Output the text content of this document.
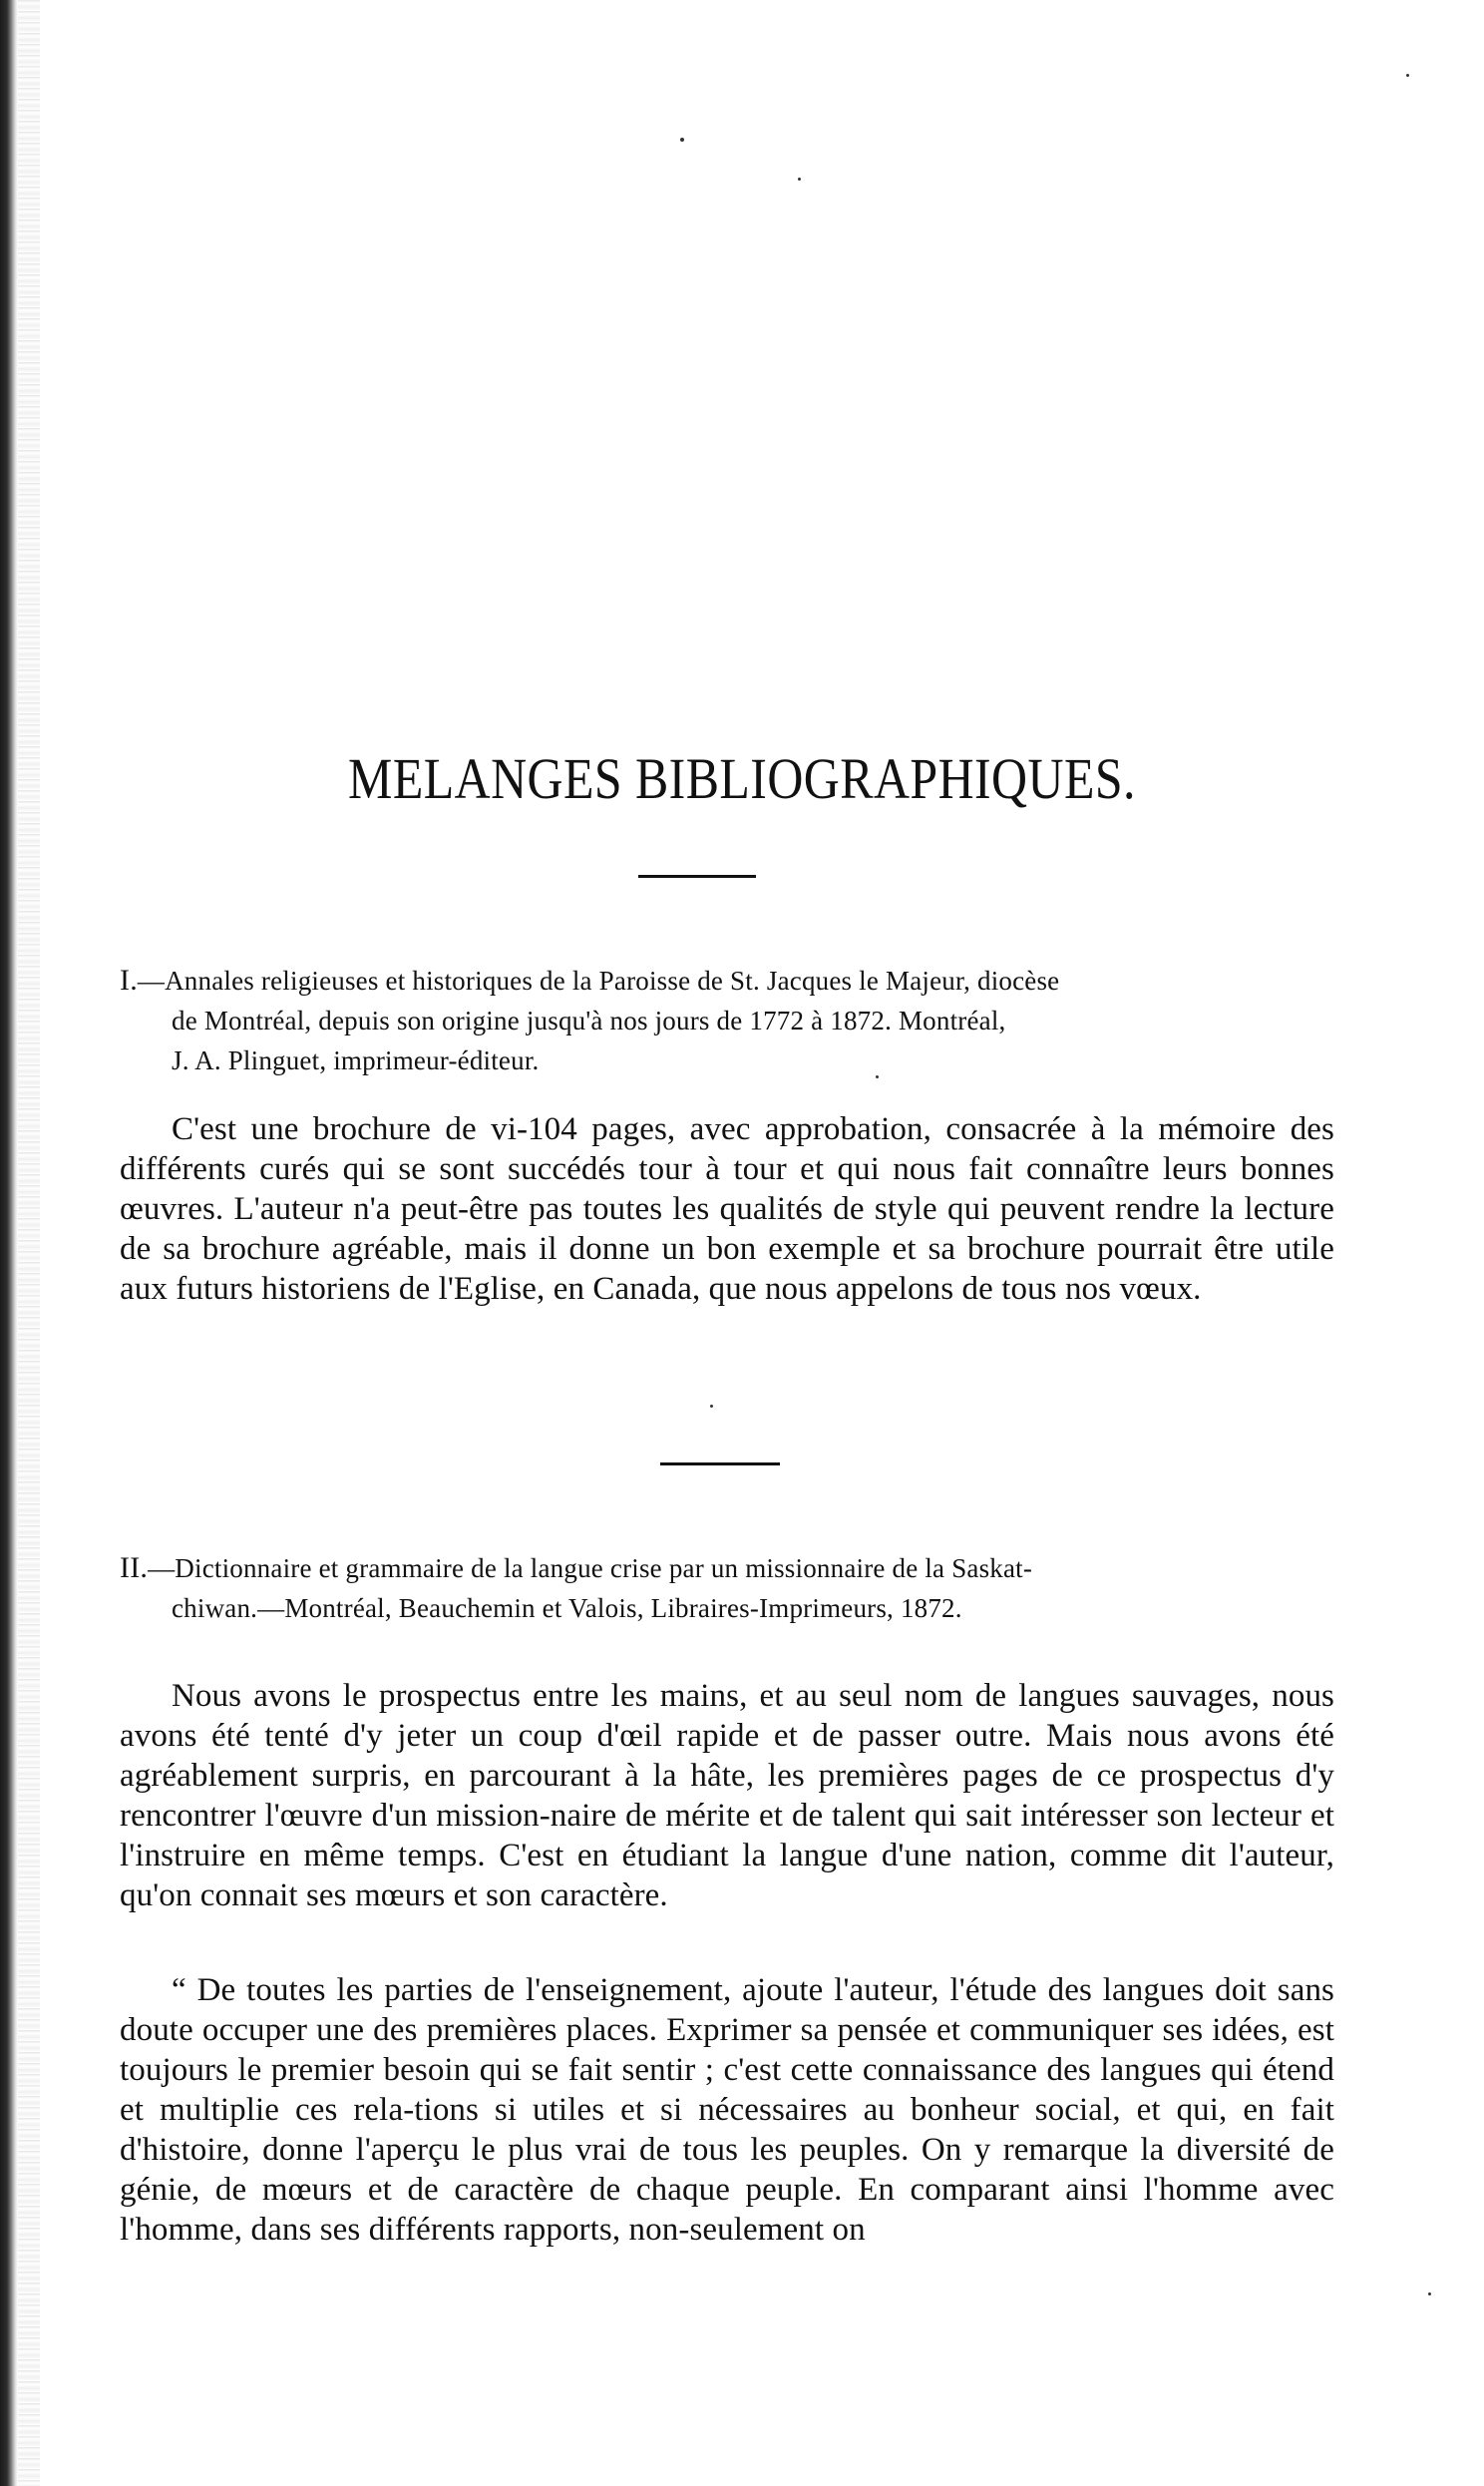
MELANGES BIBLIOGRAPHIQUES.
I.—Annales religieuses et historiques de la Paroisse de St. Jacques le Majeur, diocèse
de Montréal, depuis son origine jusqu'à nos jours de 1772 à 1872. Montréal,
J. A. Plinguet, imprimeur-éditeur.

C'est une brochure de vi-104 pages, avec approbation, consacrée à la mémoire des différents curés qui se sont succédés tour à tour et qui nous fait connaître leurs bonnes œuvres. L'auteur n'a peut-être pas toutes les qualités de style qui peuvent rendre la lecture de sa brochure agréable, mais il donne un bon exemple et sa brochure pourrait être utile aux futurs historiens de l'Eglise, en Canada, que nous appelons de tous nos vœux.

II.—Dictionnaire et grammaire de la langue crise par un missionnaire de la Saskat-
chiwan.—Montréal, Beauchemin et Valois, Libraires-Imprimeurs, 1872.

Nous avons le prospectus entre les mains, et au seul nom de langues sauvages, nous avons été tenté d'y jeter un coup d'œil rapide et de passer outre. Mais nous avons été agréablement surpris, en parcourant à la hâte, les premières pages de ce prospectus d'y rencontrer l'œuvre d'un mission-naire de mérite et de talent qui sait intéresser son lecteur et l'instruire en même temps. C'est en étudiant la langue d'une nation, comme dit l'auteur, qu'on connait ses mœurs et son caractère.

“ De toutes les parties de l'enseignement, ajoute l'auteur, l'étude des langues doit sans doute occuper une des premières places. Exprimer sa pensée et communiquer ses idées, est toujours le premier besoin qui se fait sentir ; c'est cette connaissance des langues qui étend et multiplie ces rela-tions si utiles et si nécessaires au bonheur social, et qui, en fait d'histoire, donne l'aperçu le plus vrai de tous les peuples. On y remarque la diversité de génie, de mœurs et de caractère de chaque peuple. En comparant ainsi l'homme avec l'homme, dans ses différents rapports, non-seulement on
